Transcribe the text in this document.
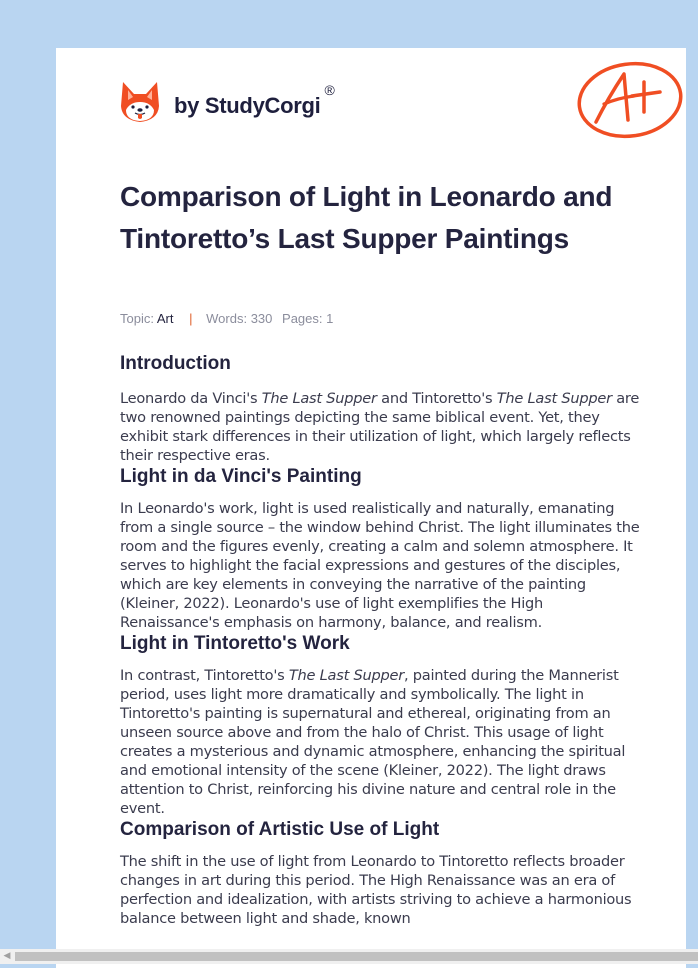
by StudyCorgi
®
Comparison of Light in Leonardo and Tintoretto’s Last Supper Paintings
Topic: Art | Words: 330 Pages: 1
Introduction

Leonardo da Vinci's The Last Supper and Tintoretto's The Last Supper are two renowned paintings depicting the same biblical event. Yet, they exhibit stark differences in their utilization of light, which largely reflects their respective eras.

Light in da Vinci's Painting

In Leonardo's work, light is used realistically and naturally, emanating from a single source – the window behind Christ. The light illuminates the room and the figures evenly, creating a calm and solemn atmosphere. It serves to highlight the facial expressions and gestures of the disciples, which are key elements in conveying the narrative of the painting (Kleiner, 2022). Leonardo's use of light exemplifies the High Renaissance's emphasis on harmony, balance, and realism.

Light in Tintoretto's Work

In contrast, Tintoretto's The Last Supper, painted during the Mannerist period, uses light more dramatically and symbolically. The light in Tintoretto's painting is supernatural and ethereal, originating from an unseen source above and from the halo of Christ. This usage of light creates a mysterious and dynamic atmosphere, enhancing the spiritual and emotional intensity of the scene (Kleiner, 2022). The light draws attention to Christ, reinforcing his divine nature and central role in the event.

Comparison of Artistic Use of Light

The shift in the use of light from Leonardo to Tintoretto reflects broader changes in art during this period. The High Renaissance was an era of perfection and idealization, with artists striving to achieve a harmonious balance between light and shade, known

◀
